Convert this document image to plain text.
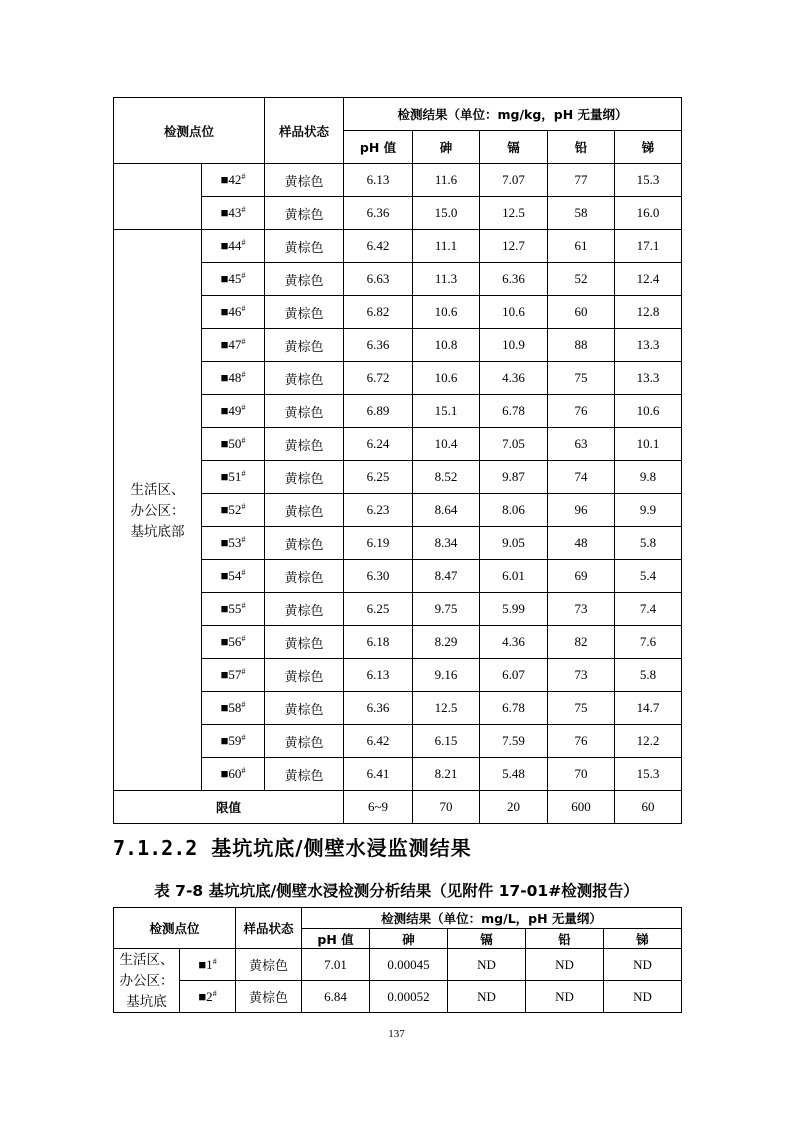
检测点位		样品状态	检测结果（单位：mg/kg，pH 无量纲）				
			pH 值	砷	镉	铅	锑
	■42#	黄棕色	6.13	11.6	7.07	77	15.3
	■43#	黄棕色	6.36	15.0	12.5	58	16.0
生活区、办公区：基坑底部	■44#	黄棕色	6.42	11.1	12.7	61	17.1
	■45#	黄棕色	6.63	11.3	6.36	52	12.4
	■46#	黄棕色	6.82	10.6	10.6	60	12.8
	■47#	黄棕色	6.36	10.8	10.9	88	13.3
	■48#	黄棕色	6.72	10.6	4.36	75	13.3
	■49#	黄棕色	6.89	15.1	6.78	76	10.6
	■50#	黄棕色	6.24	10.4	7.05	63	10.1
	■51#	黄棕色	6.25	8.52	9.87	74	9.8
	■52#	黄棕色	6.23	8.64	8.06	96	9.9
	■53#	黄棕色	6.19	8.34	9.05	48	5.8
	■54#	黄棕色	6.30	8.47	6.01	69	5.4
	■55#	黄棕色	6.25	9.75	5.99	73	7.4
	■56#	黄棕色	6.18	8.29	4.36	82	7.6
	■57#	黄棕色	6.13	9.16	6.07	73	5.8
	■58#	黄棕色	6.36	12.5	6.78	75	14.7
	■59#	黄棕色	6.42	6.15	7.59	76	12.2
	■60#	黄棕色	6.41	8.21	5.48	70	15.3
限值			6~9	70	20	600	60
7.1.2.2 基坑坑底/侧壁水浸监测结果
表 7-8 基坑坑底/侧壁水浸检测分析结果（见附件 17-01#检测报告）
检测点位		样品状态	检测结果（单位：mg/L，pH 无量纲）				
			pH 值	砷	镉	铅	锑
生活区、办公区：基坑底	■1#	黄棕色	7.01	0.00045	ND	ND	ND
	■2#	黄棕色	6.84	0.00052	ND	ND	ND
137
